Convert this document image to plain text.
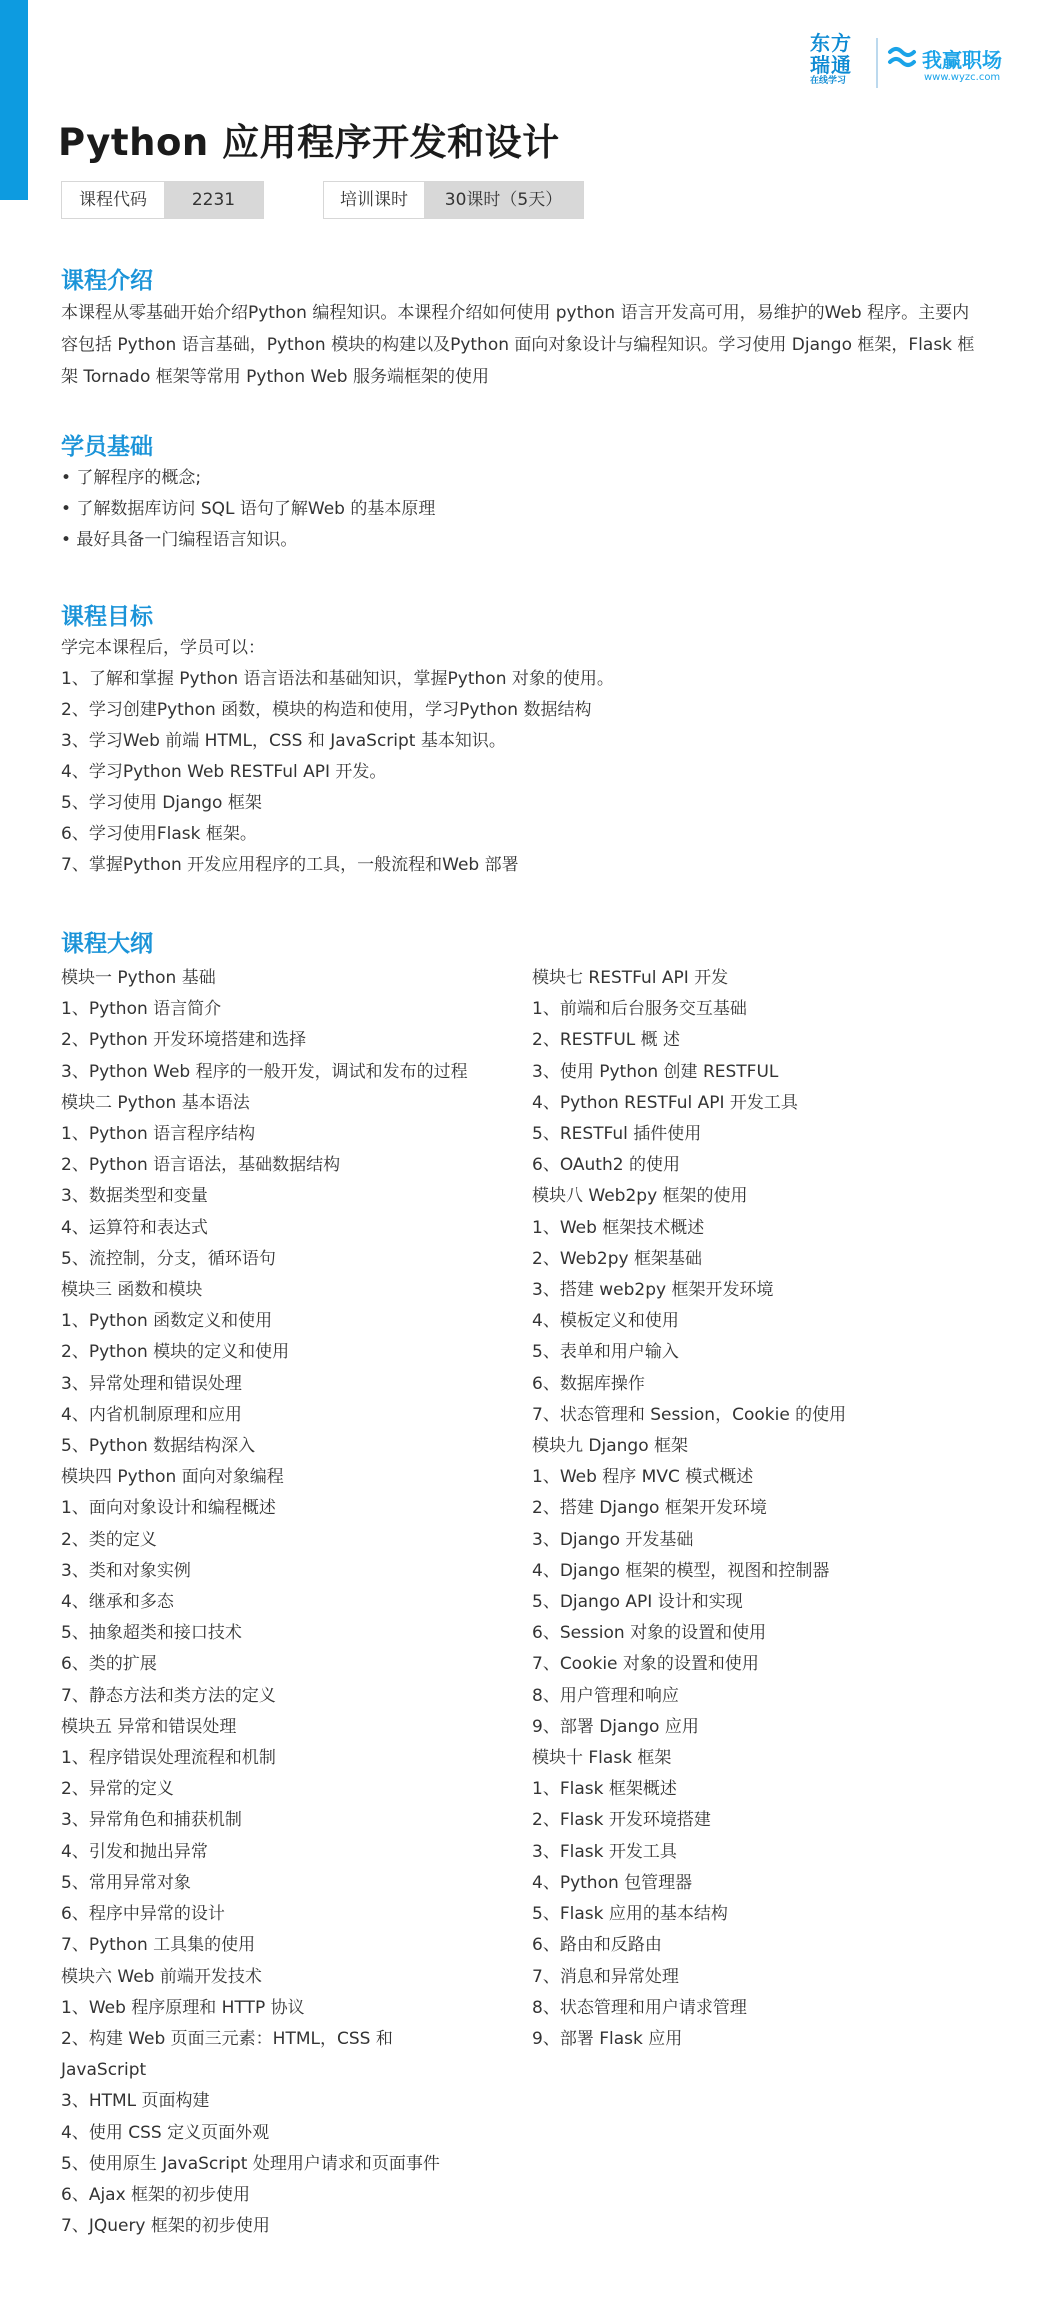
东方
瑞通
在线学习
我赢职场
www.wyzc.com
Python 应用程序开发和设计
课程代码	2231	培训课时	30课时（5天）
课程介绍

本课程从零基础开始介绍Python 编程知识。本课程介绍如何使用 python 语言开发高可用，易维护的Web 程序。主要内容包括 Python 语言基础，Python 模块的构建以及Python 面向对象设计与编程知识。学习使用 Django 框架，Flask 框架 Tornado 框架等常用 Python Web 服务端框架的使用

学员基础
• 了解程序的概念;
• 了解数据库访问 SQL 语句了解Web 的基本原理
• 最好具备一门编程语言知识。
课程目标
学完本课程后，学员可以：
1、了解和掌握 Python 语言语法和基础知识，掌握Python 对象的使用。
2、学习创建Python 函数，模块的构造和使用，学习Python 数据结构
3、学习Web 前端 HTML，CSS 和 JavaScript 基本知识。
4、学习Python Web RESTFul API 开发。
5、学习使用 Django 框架
6、学习使用Flask 框架。
7、掌握Python 开发应用程序的工具，一般流程和Web 部署
课程大纲
模块一 Python 基础
1、Python 语言简介
2、Python 开发环境搭建和选择
3、Python Web 程序的一般开发，调试和发布的过程
模块二 Python 基本语法
1、Python 语言程序结构
2、Python 语言语法，基础数据结构
3、数据类型和变量
4、运算符和表达式
5、流控制，分支，循环语句
模块三 函数和模块
1、Python 函数定义和使用
2、Python 模块的定义和使用
3、异常处理和错误处理
4、内省机制原理和应用
5、Python 数据结构深入
模块四 Python 面向对象编程
1、面向对象设计和编程概述
2、类的定义
3、类和对象实例
4、继承和多态
5、抽象超类和接口技术
6、类的扩展
7、静态方法和类方法的定义
模块五 异常和错误处理
1、程序错误处理流程和机制
2、异常的定义
3、异常角色和捕获机制
4、引发和抛出异常
5、常用异常对象
6、程序中异常的设计
7、Python 工具集的使用
模块六 Web 前端开发技术
1、Web 程序原理和 HTTP 协议
2、构建 Web 页面三元素：HTML，CSS 和 JavaScript
3、HTML 页面构建
4、使用 CSS 定义页面外观
5、使用原生 JavaScript 处理用户请求和页面事件
6、Ajax 框架的初步使用
7、JQuery 框架的初步使用
模块七 RESTFul API 开发
1、前端和后台服务交互基础
2、RESTFUL 概 述
3、使用 Python 创建 RESTFUL
4、Python RESTFul API 开发工具
5、RESTFul 插件使用
6、OAuth2 的使用
模块八 Web2py 框架的使用
1、Web 框架技术概述
2、Web2py 框架基础
3、搭建 web2py 框架开发环境
4、模板定义和使用
5、表单和用户输入
6、数据库操作
7、状态管理和 Session，Cookie 的使用
模块九 Django 框架
1、Web 程序 MVC 模式概述
2、搭建 Django 框架开发环境
3、Django 开发基础
4、Django 框架的模型，视图和控制器
5、Django API 设计和实现
6、Session 对象的设置和使用
7、Cookie 对象的设置和使用
8、用户管理和响应
9、部署 Django 应用
模块十 Flask 框架
1、Flask 框架概述
2、Flask 开发环境搭建
3、Flask 开发工具
4、Python 包管理器
5、Flask 应用的基本结构
6、路由和反路由
7、消息和异常处理
8、状态管理和用户请求管理
9、部署 Flask 应用
